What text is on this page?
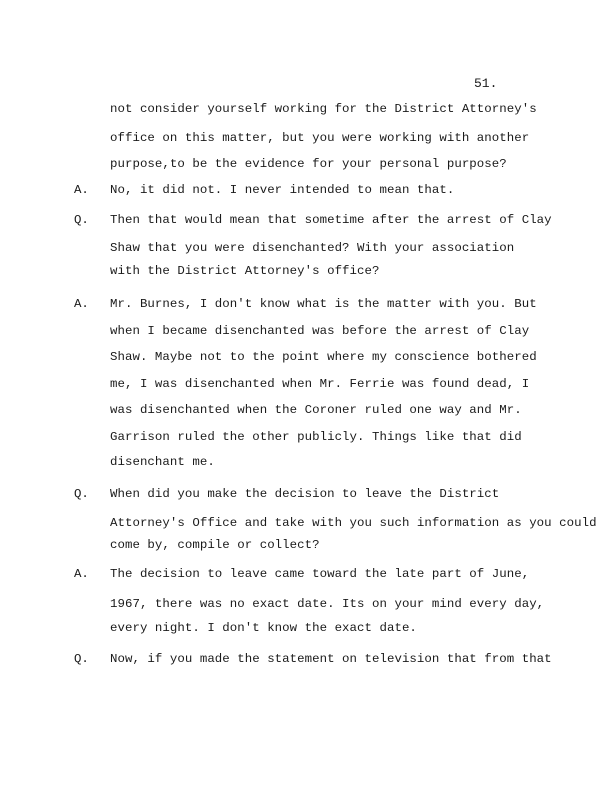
51.
not consider yourself working for the District Attorney's
office on this matter, but you were working with another
purpose,to be the evidence for your personal purpose?
A. No, it did not. I never intended to mean that.
Q. Then that would mean that sometime after the arrest of Clay
Shaw that you were disenchanted? With your association
with the District Attorney's office?
A. Mr. Burnes, I don't know what is the matter with you. But
when I became disenchanted was before the arrest of Clay
Shaw. Maybe not to the point where my conscience bothered
me, I was disenchanted when Mr. Ferrie was found dead, I
was disenchanted when the Coroner ruled one way and Mr.
Garrison ruled the other publicly. Things like that did
disenchant me.
Q. When did you make the decision to leave the District
Attorney's Office and take with you such information as you could
come by, compile or collect?
A. The decision to leave came toward the late part of June,
1967, there was no exact date. Its on your mind every day,
every night. I don't know the exact date.
Q. Now, if you made the statement on television that from that
